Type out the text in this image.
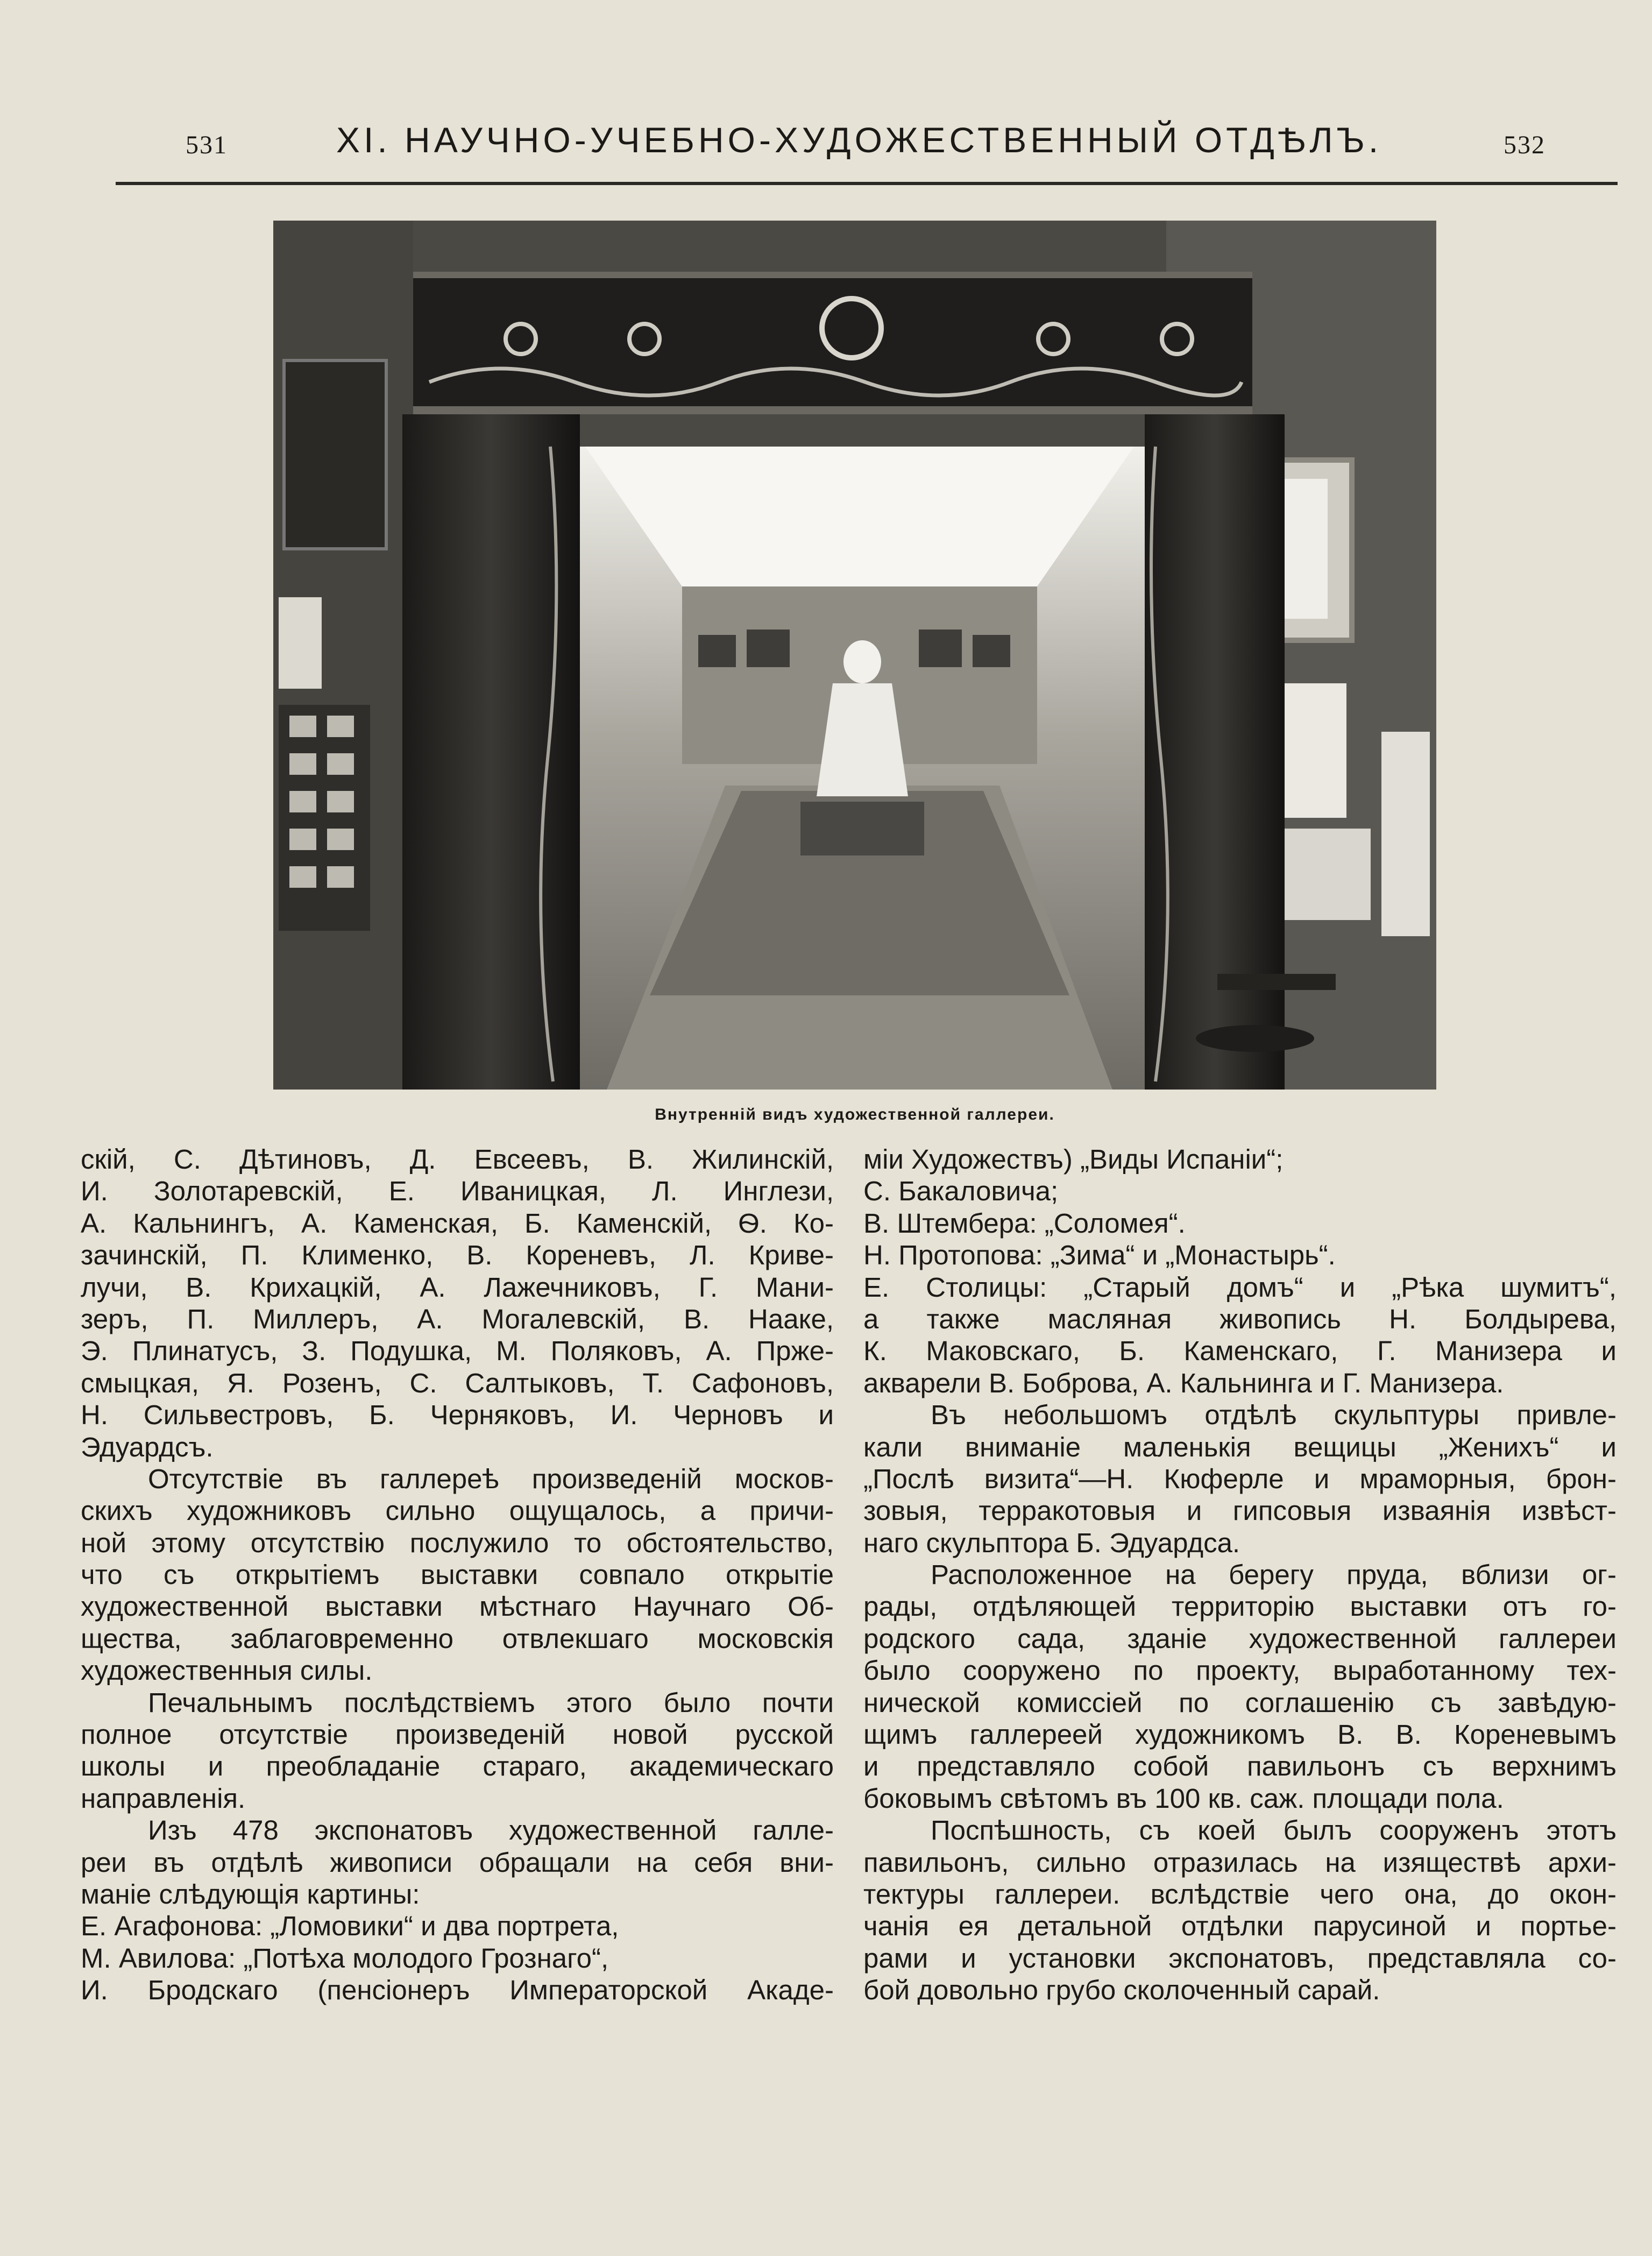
531	XI. НАУЧНО-УЧЕБНО-ХУДОЖЕСТВЕННЫЙ ОТДѢЛЪ.	532
Внутренній видъ художественной галлереи.
скій, С. Дѣтиновъ, Д. Евсеевъ, В. Жилинскій,
И. Золотаревскій, Е. Иваницкая, Л. Инглези,
А. Кальнингъ, А. Каменская, Б. Каменскій, Ѳ. Ко-
зачинскій, П. Клименко, В. Кореневъ, Л. Криве-
лучи, В. Крихацкій, А. Лажечниковъ, Г. Мани-
зеръ, П. Миллеръ, А. Могалевскій, В. Нааке,
Э. Плинатусъ, З. Подушка, М. Поляковъ, А. Прже-
смыцкая, Я. Розенъ, С. Салтыковъ, Т. Сафоновъ,
Н. Сильвестровъ, Б. Черняковъ, И. Черновъ и
Эдуардсъ.
Отсутствіе въ галлереѣ произведеній москов-
скихъ художниковъ сильно ощущалось, а причи-
ной этому отсутствію послужило то обстоятельство,
что съ открытіемъ выставки совпало открытіе
художественной выставки мѣстнаго Научнаго Об-
щества, заблаговременно отвлекшаго московскія
художественныя силы.
Печальнымъ послѣдствіемъ этого было почти
полное отсутствіе произведеній новой русской
школы и преобладаніе стараго, академическаго
направленія.
Изъ 478 экспонатовъ художественной галле-
реи въ отдѣлѣ живописи обращали на себя вни-
маніе слѣдующія картины:
Е. Агафонова: „Ломовики“ и два портрета,
М. Авилова: „Потѣха молодого Грознаго“,
И. Бродскаго (пенсіонеръ Императорской Акаде-
міи Художествъ) „Виды Испаніи“;
С. Бакаловича;
В. Штембера: „Соломея“.
Н. Протопова: „Зима“ и „Монастырь“.
Е. Столицы: „Старый домъ“ и „Рѣка шумитъ“,
а также масляная живопись Н. Болдырева,
К. Маковскаго, Б. Каменскаго, Г. Манизера и
акварели В. Боброва, А. Кальнинга и Г. Манизера.
Въ небольшомъ отдѣлѣ скульптуры привле-
кали вниманіе маленькія вещицы „Женихъ“ и
„Послѣ визита“—Н. Кюферле и мраморныя, брон-
зовыя, терракотовыя и гипсовыя изваянія извѣст-
наго скульптора Б. Эдуардса.
Расположенное на берегу пруда, вблизи ог-
рады, отдѣляющей территорію выставки отъ го-
родского сада, зданіе художественной галлереи
было сооружено по проекту, выработанному тех-
нической комиссіей по соглашенію съ завѣдую-
щимъ галлереей художникомъ В. В. Кореневымъ
и представляло собой павильонъ съ верхнимъ
боковымъ свѣтомъ въ 100 кв. саж. площади пола.
Поспѣшность, съ коей былъ сооруженъ этотъ
павильонъ, сильно отразилась на изяществѣ архи-
тектуры галлереи. вслѣдствіе чего она, до окон-
чанія ея детальной отдѣлки парусиной и портье-
рами и установки экспонатовъ, представляла со-
бой довольно грубо сколоченный сарай.
